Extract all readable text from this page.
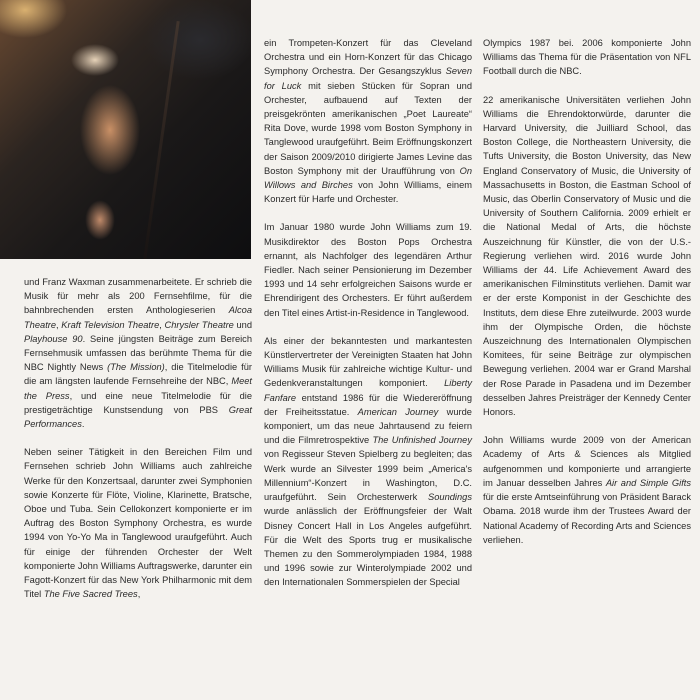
und Franz Waxman zusammenarbeitete. Er schrieb die Musik für mehr als 200 Fernsehfilme, für die bahnbrechenden ersten Anthologieserien Alcoa Theatre, Kraft Television Theatre, Chrysler Theatre und Playhouse 90. Seine jüngsten Beiträge zum Bereich Fernsehmusik umfassen das berühmte Thema für die NBC Nightly News (The Mission), die Titelmelodie für die am längsten laufende Fernsehreihe der NBC, Meet the Press, und eine neue Titelmelodie für die prestigeträchtige Kunstsendung von PBS Great Performances.

Neben seiner Tätigkeit in den Bereichen Film und Fernsehen schrieb John Williams auch zahlreiche Werke für den Konzertsaal, darunter zwei Symphonien sowie Konzerte für Flöte, Violine, Klarinette, Bratsche, Oboe und Tuba. Sein Cellokonzert komponierte er im Auftrag des Boston Symphony Orchestra, es wurde 1994 von Yo-Yo Ma in Tanglewood uraufgeführt. Auch für einige der führenden Orchester der Welt komponierte John Williams Auftragswerke, darunter ein Fagott-Konzert für das New York Philharmonic mit dem Titel The Five Sacred Trees,

ein Trompeten-Konzert für das Cleveland Orchestra und ein Horn-Konzert für das Chicago Symphony Orchestra. Der Gesangszyklus Seven for Luck mit sieben Stücken für Sopran und Orchester, aufbauend auf Texten der preisgekrönten amerikanischen „Poet Laureate“ Rita Dove, wurde 1998 vom Boston Symphony in Tanglewood uraufgeführt. Beim Eröffnungskonzert der Saison 2009/2010 dirigierte James Levine das Boston Symphony mit der Uraufführung von On Willows and Birches von John Williams, einem Konzert für Harfe und Orchester.

Im Januar 1980 wurde John Williams zum 19. Musikdirektor des Boston Pops Orchestra ernannt, als Nachfolger des legendären Arthur Fiedler. Nach seiner Pensionierung im Dezember 1993 und 14 sehr erfolgreichen Saisons wurde er Ehrendirigent des Orchesters. Er führt außerdem den Titel eines Artist-in-Residence in Tanglewood.

Als einer der bekanntesten und markantesten Künstlervertreter der Vereinigten Staaten hat John Williams Musik für zahlreiche wichtige Kultur- und Gedenkveranstaltungen komponiert. Liberty Fanfare entstand 1986 für die Wiedereröffnung der Freiheitsstatue. American Journey wurde komponiert, um das neue Jahrtausend zu feiern und die Filmretrospektive The Unfinished Journey von Regisseur Steven Spielberg zu begleiten; das Werk wurde an Silvester 1999 beim „America's Millennium“-Konzert in Washington, D.C. uraufgeführt. Sein Orchesterwerk Soundings wurde anlässlich der Eröffnungsfeier der Walt Disney Concert Hall in Los Angeles aufgeführt. Für die Welt des Sports trug er musikalische Themen zu den Sommerolympiaden 1984, 1988 und 1996 sowie zur Winterolympiade 2002 und den Internationalen Sommerspielen der Special

Olympics 1987 bei. 2006 komponierte John Williams das Thema für die Präsentation von NFL Football durch die NBC.

22 amerikanische Universitäten verliehen John Williams die Ehrendoktorwürde, darunter die Harvard University, die Juilliard School, das Boston College, die Northeastern University, die Tufts University, die Boston University, das New England Conservatory of Music, die University of Massachusetts in Boston, die Eastman School of Music, das Oberlin Conservatory of Music und die University of Southern California. 2009 erhielt er die National Medal of Arts, die höchste Auszeichnung für Künstler, die von der U.S.-Regierung verliehen wird. 2016 wurde John Williams der 44. Life Achievement Award des amerikanischen Filminstituts verliehen. Damit war er der erste Komponist in der Geschichte des Instituts, dem diese Ehre zuteilwurde. 2003 wurde ihm der Olympische Orden, die höchste Auszeichnung des Internationalen Olympischen Komitees, für seine Beiträge zur olympischen Bewegung verliehen. 2004 war er Grand Marshal der Rose Parade in Pasadena und im Dezember desselben Jahres Preisträger der Kennedy Center Honors.

John Williams wurde 2009 von der American Academy of Arts & Sciences als Mitglied aufgenommen und komponierte und arrangierte im Januar desselben Jahres Air and Simple Gifts für die erste Amtseinführung von Präsident Barack Obama. 2018 wurde ihm der Trustees Award der National Academy of Recording Arts and Sciences verliehen.
